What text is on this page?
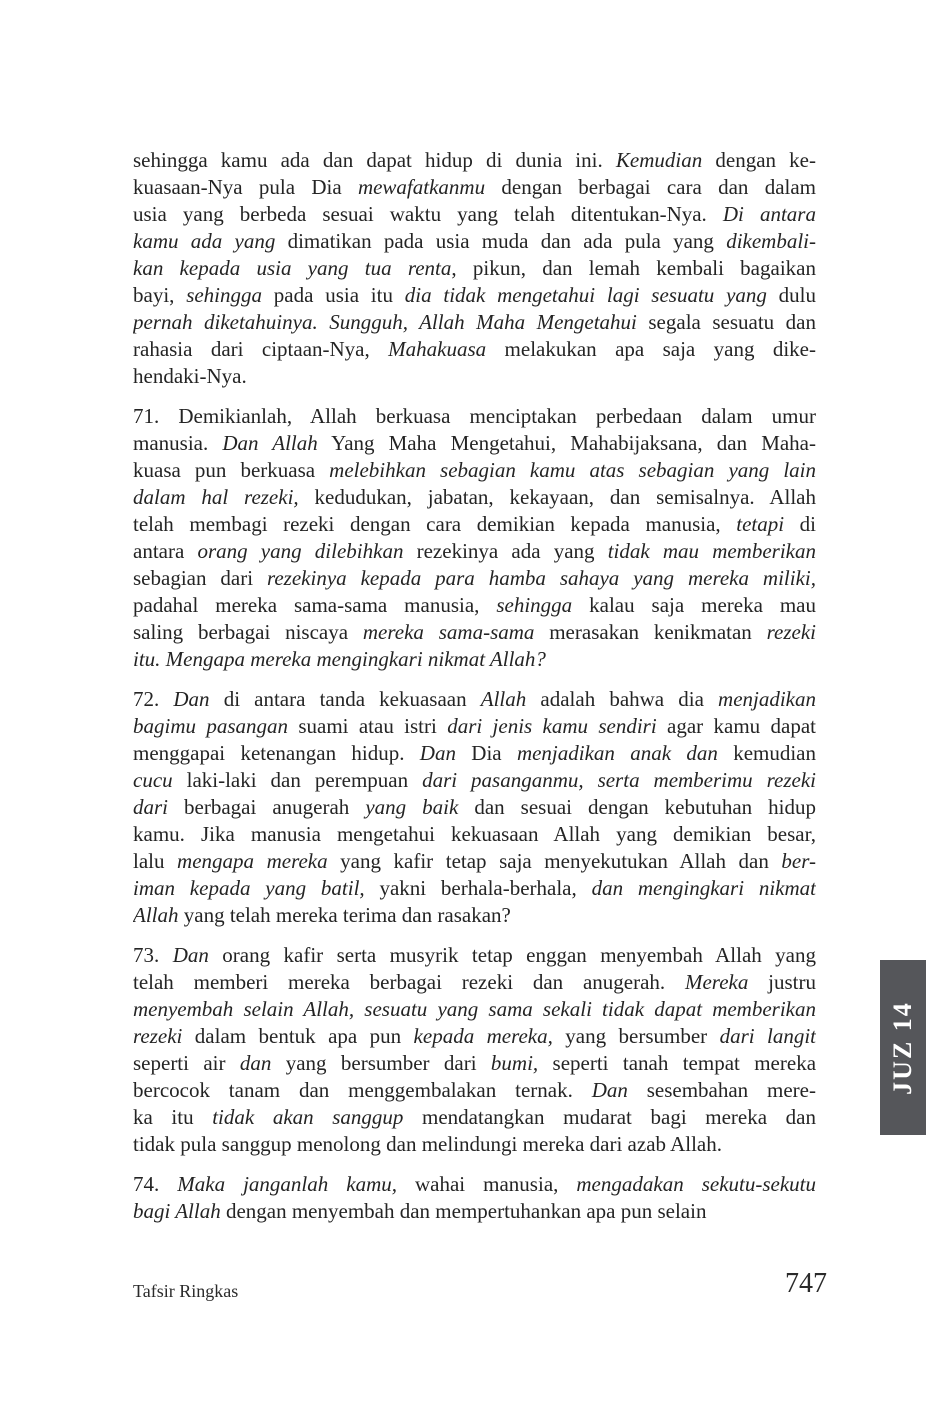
sehingga kamu ada dan dapat hidup di dunia ini. Kemudian dengan ke-
kuasaan-Nya pula Dia mewafatkanmu dengan berbagai cara dan dalam
usia yang berbeda sesuai waktu yang telah ditentukan-Nya. Di antara
kamu ada yang dimatikan pada usia muda dan ada pula yang dikembali-
kan kepada usia yang tua renta, pikun, dan lemah kembali bagaikan
bayi, sehingga pada usia itu dia tidak mengetahui lagi sesuatu yang dulu
pernah diketahuinya. Sungguh, Allah Maha Mengetahui segala sesuatu dan
rahasia dari ciptaan-Nya, Mahakuasa melakukan apa saja yang dike-
hendaki-Nya.
71. Demikianlah, Allah berkuasa menciptakan perbedaan dalam umur
manusia. Dan Allah Yang Maha Mengetahui, Mahabijaksana, dan Maha-
kuasa pun berkuasa melebihkan sebagian kamu atas sebagian yang lain
dalam hal rezeki, kedudukan, jabatan, kekayaan, dan semisalnya. Allah
telah membagi rezeki dengan cara demikian kepada manusia, tetapi di
antara orang yang dilebihkan rezekinya ada yang tidak mau memberikan
sebagian dari rezekinya kepada para hamba sahaya yang mereka miliki,
padahal mereka sama-sama manusia, sehingga kalau saja mereka mau
saling berbagai niscaya mereka sama-sama merasakan kenikmatan rezeki
itu. Mengapa mereka mengingkari nikmat Allah?
72. Dan di antara tanda kekuasaan Allah adalah bahwa dia menjadikan
bagimu pasangan suami atau istri dari jenis kamu sendiri agar kamu dapat
menggapai ketenangan hidup. Dan Dia menjadikan anak dan kemudian
cucu laki-laki dan perempuan dari pasanganmu, serta memberimu rezeki
dari berbagai anugerah yang baik dan sesuai dengan kebutuhan hidup
kamu. Jika manusia mengetahui kekuasaan Allah yang demikian besar,
lalu mengapa mereka yang kafir tetap saja menyekutukan Allah dan ber-
iman kepada yang batil, yakni berhala-berhala, dan mengingkari nikmat
Allah yang telah mereka terima dan rasakan?
73. Dan orang kafir serta musyrik tetap enggan menyembah Allah yang
telah memberi mereka berbagai rezeki dan anugerah. Mereka justru
menyembah selain Allah, sesuatu yang sama sekali tidak dapat memberikan
rezeki dalam bentuk apa pun kepada mereka, yang bersumber dari langit
seperti air dan yang bersumber dari bumi, seperti tanah tempat mereka
bercocok tanam dan menggembalakan ternak. Dan sesembahan mere-
ka itu tidak akan sanggup mendatangkan mudarat bagi mereka dan
tidak pula sanggup menolong dan melindungi mereka dari azab Allah.
74. Maka janganlah kamu, wahai manusia, mengadakan sekutu-sekutu
bagi Allah dengan menyembah dan mempertuhankan apa pun selain
JUZ 14
Tafsir Ringkas	747
